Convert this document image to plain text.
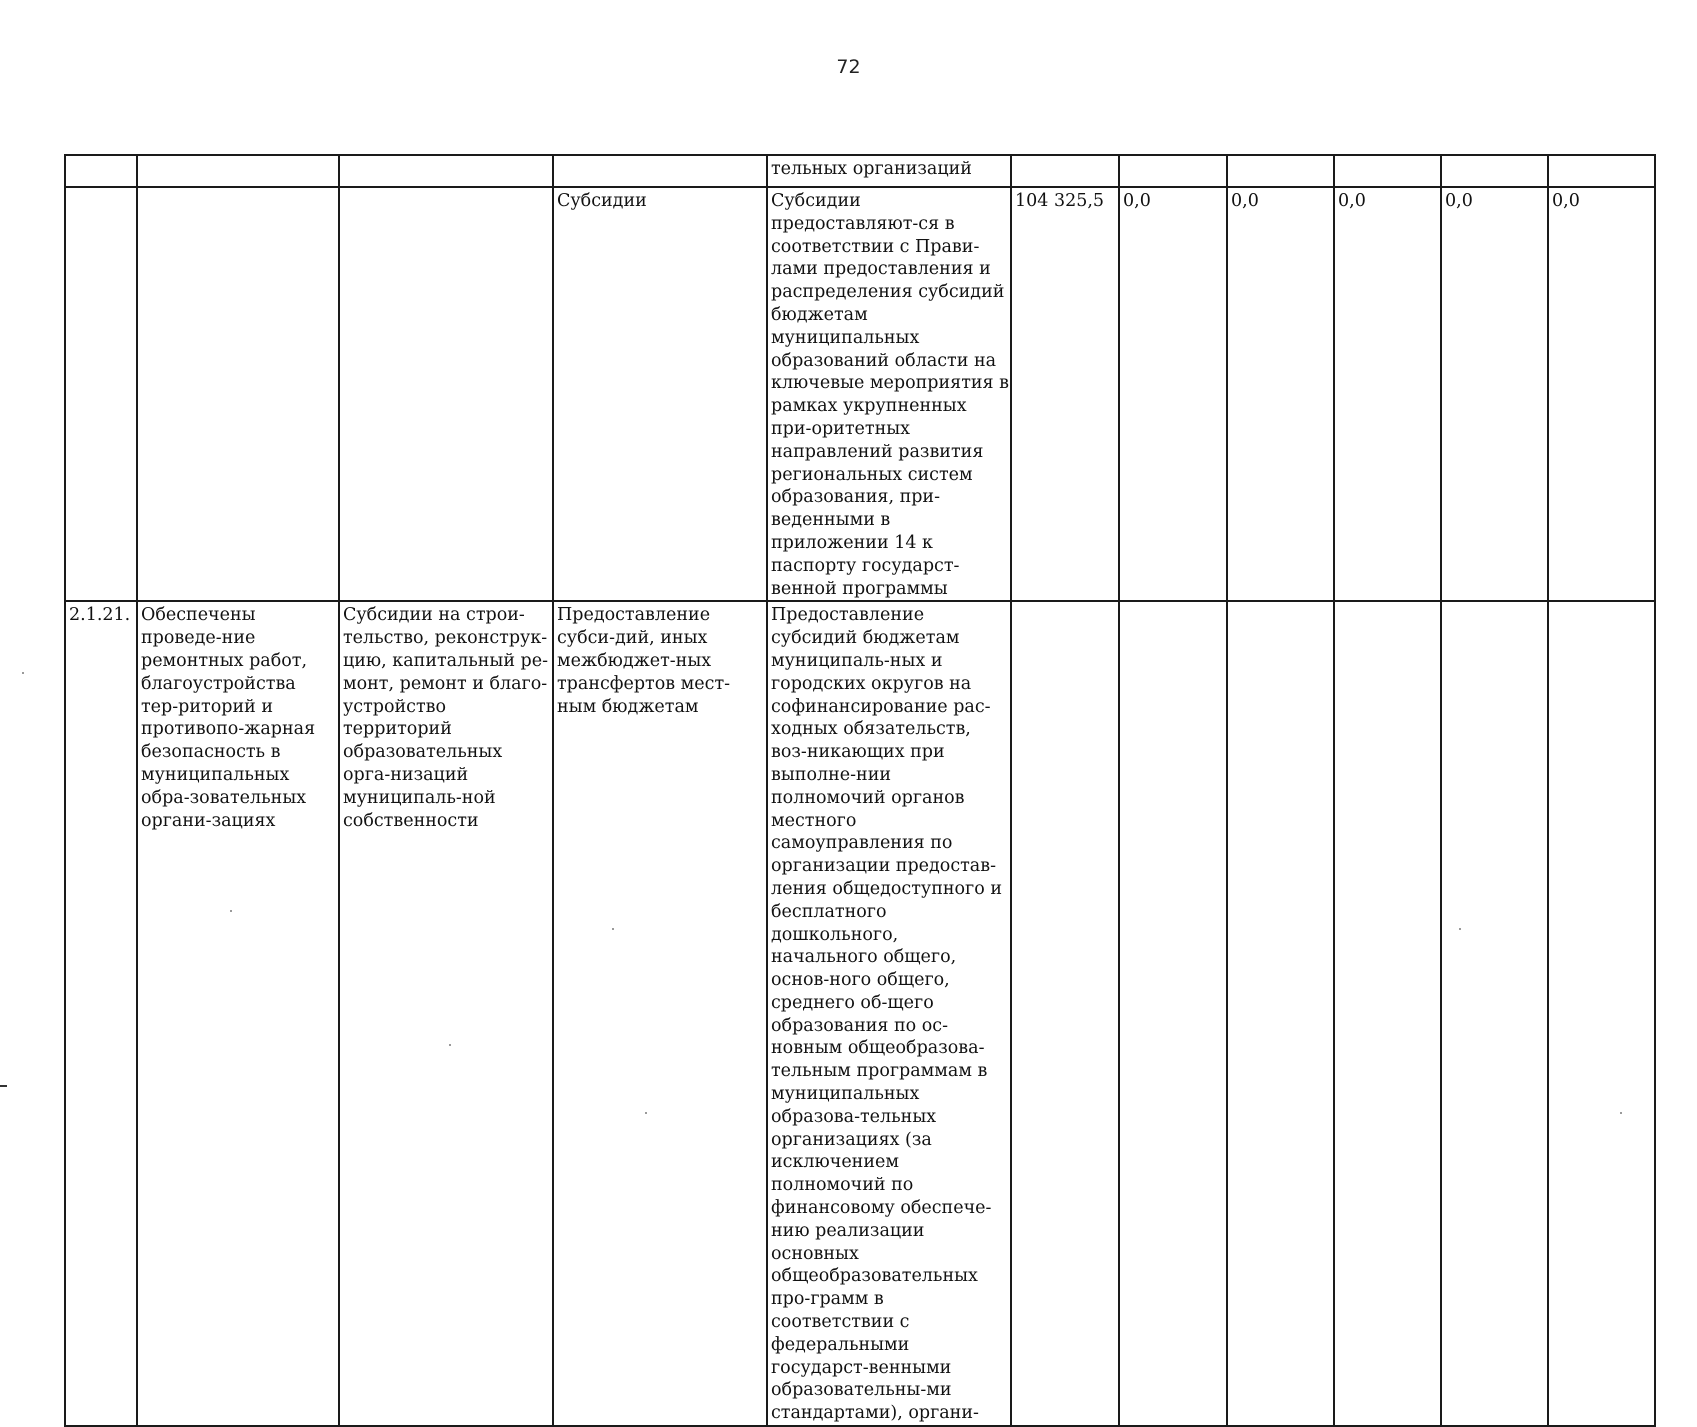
72

				тельных организаций						

			Субсидии	Субсидии предоставляют-ся в соответствии с Прави-лами предоставления и распределения субсидий бюджетам муниципальных образований области на ключевые мероприятия в рамках укрупненных при-оритетных направлений развития региональных систем образования, при-веденными в приложении 14 к паспорту государст-венной программы	104 325,5	0,0	0,0	0,0	0,0	0,0

2.1.21.	Обеспечены проведе-ние ремонтных работ, благоустройства тер-риторий и противопо-жарная безопасность в муниципальных обра-зовательных органи-зациях	Субсидии на строи-тельство, реконструк-цию, капитальный ре-монт, ремонт и благо-устройство территорий образовательных орга-низаций муниципаль-ной собственности	Предоставление субси-дий, иных межбюджет-ных трансфертов мест-ным бюджетам	Предоставление субсидий бюджетам муниципаль-ных и городских округов на софинансирование рас-ходных обязательств, воз-никающих при выполне-нии полномочий органов местного самоуправления по организации предостав-ления общедоступного и бесплатного дошкольного, начального общего, основ-ного общего, среднего об-щего образования по ос-новным общеобразова-тельным программам в муниципальных образова-тельных организациях (за исключением полномочий по финансовому обеспече-нию реализации основных общеобразовательных про-грамм в соответствии с федеральными государст-венными образовательны-ми стандартами), органи-						
